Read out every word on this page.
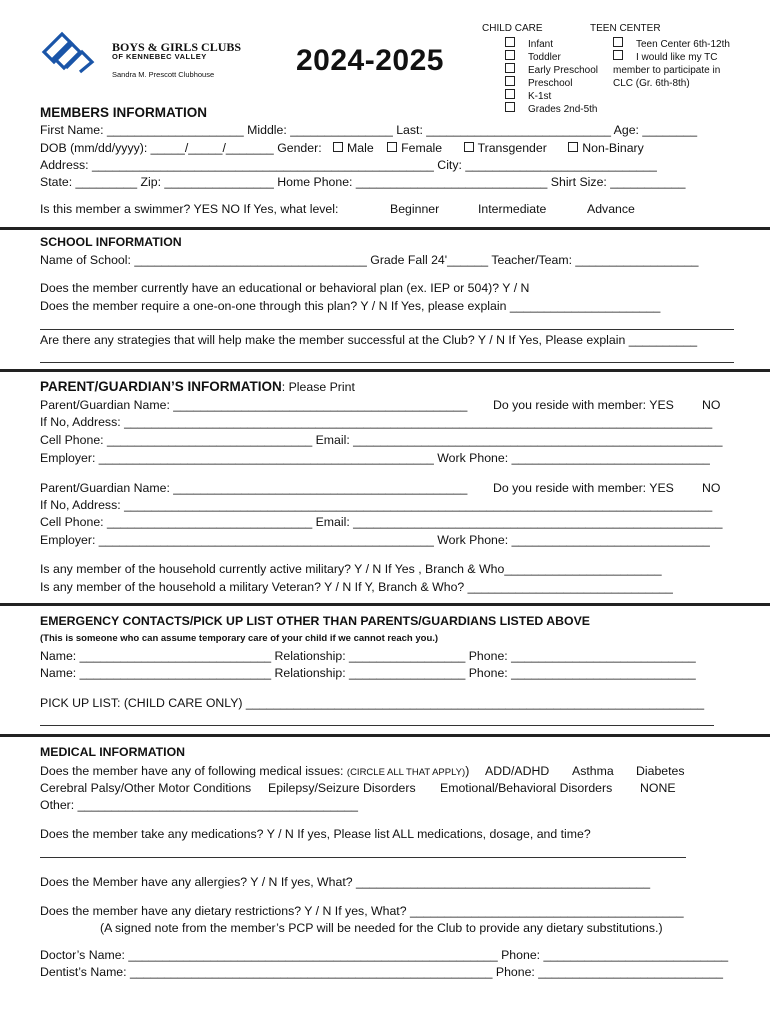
BOYS & GIRLS CLUBS
OF KENNEBEC VALLEY
Sandra M. Prescott Clubhouse	2024-2025
CHILD CARE
Infant
Toddler
Early Preschool
Preschool
K-1st
Grades 2nd-5th
TEEN CENTER
Teen Center 6th-12th
I would like my TC member to participate in CLC (Gr. 6th-8th)
MEMBERS INFORMATION
First Name: ____________________ Middle: _______________ Last: ___________________________ Age: ________
DOB (mm/dd/yyyy): _____/_____/_______ Gender: Male Female	Transgender	Non-Binary
Address: __________________________________________________ City: ____________________________
State: _________ Zip: ________________ Home Phone: ____________________________ Shirt Size: ___________
Is this member a swimmer? YES NO If Yes, what level:	Beginner	Intermediate	Advance
SCHOOL INFORMATION
Name of School: __________________________________ Grade Fall 24'______ Teacher/Team: __________________
Does the member currently have an educational or behavioral plan (ex. IEP or 504)? Y / N
Does the member require a one-on-one through this plan? Y / N If Yes, please explain ______________________
Are there any strategies that will help make the member successful at the Club? Y / N If Yes, Please explain __________
PARENT/GUARDIAN’S INFORMATION: Please Print
Parent/Guardian Name: ___________________________________________ Do you reside with member: YES NO
If No, Address: ______________________________________________________________________________________
Cell Phone: ______________________________ Email: ______________________________________________________
Employer: _________________________________________________ Work Phone: _____________________________
Parent/Guardian Name: ___________________________________________ Do you reside with member: YES NO
If No, Address: ______________________________________________________________________________________
Cell Phone: ______________________________ Email: ______________________________________________________
Employer: _________________________________________________ Work Phone: _____________________________
Is any member of the household currently active military? Y / N If Yes , Branch & Who_______________________
Is any member of the household a military Veteran? Y / N If Y, Branch & Who? ______________________________
EMERGENCY CONTACTS/PICK UP LIST OTHER THAN PARENTS/GUARDIANS LISTED ABOVE
(This is someone who can assume temporary care of your child if we cannot reach you.)
Name: ____________________________ Relationship: _________________ Phone: ___________________________
Name: ____________________________ Relationship: _________________ Phone: ___________________________
PICK UP LIST: (CHILD CARE ONLY) ___________________________________________________________________
MEDICAL INFORMATION
Does the member have any of following medical issues: (CIRCLE ALL THAT APPLY)) ADD/ADHD Asthma Diabetes
Cerebral Palsy/Other Motor Conditions Epilepsy/Seizure Disorders Emotional/Behavioral Disorders NONE
Other: _________________________________________
Does the member take any medications? Y / N If yes, Please list ALL medications, dosage, and time?
Does the Member have any allergies? Y / N If yes, What? ___________________________________________
Does the member have any dietary restrictions? Y / N If yes, What? ________________________________________
(A signed note from the member’s PCP will be needed for the Club to provide any dietary substitutions.)
Doctor’s Name: ______________________________________________________ Phone: ___________________________
Dentist’s Name: _____________________________________________________ Phone: ___________________________
